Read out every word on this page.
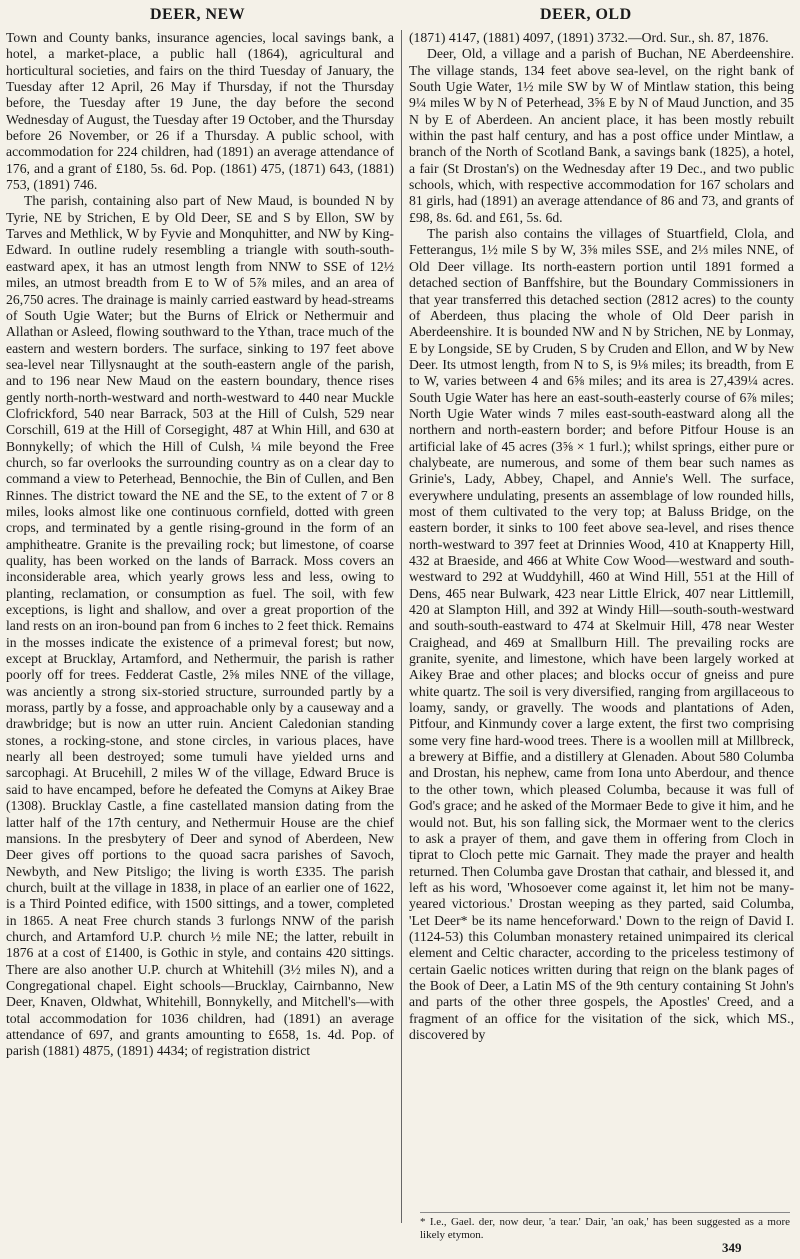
DEER, NEW	DEER, OLD

Town and County banks, insurance agencies, local savings bank, a hotel, a market-place, a public hall (1864), agricultural and horticultural societies, and fairs on the third Tuesday of January, the Tuesday after 12 April, 26 May if Thursday, if not the Thursday before, the Tuesday after 19 June, the day before the second Wednesday of August, the Tuesday after 19 October, and the Thursday before 26 November, or 26 if a Thursday. A public school, with accommodation for 224 children, had (1891) an average attendance of 176, and a grant of £180, 5s. 6d. Pop. (1861) 475, (1871) 643, (1881) 753, (1891) 746.

The parish, containing also part of New Maud, is bounded N by Tyrie, NE by Strichen, E by Old Deer, SE and S by Ellon, SW by Tarves and Methlick, W by Fyvie and Monquhitter, and NW by King-Edward. In outline rudely resembling a triangle with south-south-eastward apex, it has an utmost length from NNW to SSE of 12½ miles, an utmost breadth from E to W of 5⅞ miles, and an area of 26,750 acres. The drainage is mainly carried eastward by head-streams of South Ugie Water; but the Burns of Elrick or Nethermuir and Allathan or Asleed, flowing southward to the Ythan, trace much of the eastern and western borders. The surface, sinking to 197 feet above sea-level near Tillysnaught at the south-eastern angle of the parish, and to 196 near New Maud on the eastern boundary, thence rises gently north-north-westward and north-westward to 440 near Muckle Clofrickford, 540 near Barrack, 503 at the Hill of Culsh, 529 near Corschill, 619 at the Hill of Corsegight, 487 at Whin Hill, and 630 at Bonnykelly; of which the Hill of Culsh, ¼ mile beyond the Free church, so far overlooks the surrounding country as on a clear day to command a view to Peterhead, Bennochie, the Bin of Cullen, and Ben Rinnes. The district toward the NE and the SE, to the extent of 7 or 8 miles, looks almost like one continuous cornfield, dotted with green crops, and terminated by a gentle rising-ground in the form of an amphitheatre. Granite is the prevailing rock; but limestone, of coarse quality, has been worked on the lands of Barrack. Moss covers an inconsiderable area, which yearly grows less and less, owing to planting, reclamation, or consumption as fuel. The soil, with few exceptions, is light and shallow, and over a great proportion of the land rests on an iron-bound pan from 6 inches to 2 feet thick. Remains in the mosses indicate the existence of a primeval forest; but now, except at Brucklay, Artamford, and Nethermuir, the parish is rather poorly off for trees. Fedderat Castle, 2⅝ miles NNE of the village, was anciently a strong six-storied structure, surrounded partly by a morass, partly by a fosse, and approachable only by a causeway and a drawbridge; but is now an utter ruin. Ancient Caledonian standing stones, a rocking-stone, and stone circles, in various places, have nearly all been destroyed; some tumuli have yielded urns and sarcophagi. At Brucehill, 2 miles W of the village, Edward Bruce is said to have encamped, before he defeated the Comyns at Aikey Brae (1308). Brucklay Castle, a fine castellated mansion dating from the latter half of the 17th century, and Nethermuir House are the chief mansions. In the presbytery of Deer and synod of Aberdeen, New Deer gives off portions to the quoad sacra parishes of Savoch, Newbyth, and New Pitsligo; the living is worth £335. The parish church, built at the village in 1838, in place of an earlier one of 1622, is a Third Pointed edifice, with 1500 sittings, and a tower, completed in 1865. A neat Free church stands 3 furlongs NNW of the parish church, and Artamford U.P. church ½ mile NE; the latter, rebuilt in 1876 at a cost of £1400, is Gothic in style, and contains 420 sittings. There are also another U.P. church at Whitehill (3½ miles N), and a Congregational chapel. Eight schools—Brucklay, Cairnbanno, New Deer, Knaven, Oldwhat, Whitehill, Bonnykelly, and Mitchell's—with total accommodation for 1036 children, had (1891) an average attendance of 697, and grants amounting to £658, 1s. 4d. Pop. of parish (1881) 4875, (1891) 4434; of registration district

(1871) 4147, (1881) 4097, (1891) 3732.—Ord. Sur., sh. 87, 1876.

Deer, Old, a village and a parish of Buchan, NE Aberdeenshire. The village stands, 134 feet above sea-level, on the right bank of South Ugie Water, 1½ mile SW by W of Mintlaw station, this being 9¼ miles W by N of Peterhead, 3⅝ E by N of Maud Junction, and 35 N by E of Aberdeen. An ancient place, it has been mostly rebuilt within the past half century, and has a post office under Mintlaw, a branch of the North of Scotland Bank, a savings bank (1825), a hotel, a fair (St Drostan's) on the Wednesday after 19 Dec., and two public schools, which, with respective accommodation for 167 scholars and 81 girls, had (1891) an average attendance of 86 and 73, and grants of £98, 8s. 6d. and £61, 5s. 6d.

The parish also contains the villages of Stuartfield, Clola, and Fetterangus, 1½ mile S by W, 3⅝ miles SSE, and 2⅓ miles NNE, of Old Deer village. Its north-eastern portion until 1891 formed a detached section of Banffshire, but the Boundary Commissioners in that year transferred this detached section (2812 acres) to the county of Aberdeen, thus placing the whole of Old Deer parish in Aberdeenshire. It is bounded NW and N by Strichen, NE by Lonmay, E by Longside, SE by Cruden, S by Cruden and Ellon, and W by New Deer. Its utmost length, from N to S, is 9⅛ miles; its breadth, from E to W, varies between 4 and 6⅝ miles; and its area is 27,439¼ acres. South Ugie Water has here an east-south-easterly course of 6⅞ miles; North Ugie Water winds 7 miles east-south-eastward along all the northern and north-eastern border; and before Pitfour House is an artificial lake of 45 acres (3⅝ × 1 furl.); whilst springs, either pure or chalybeate, are numerous, and some of them bear such names as Grinie's, Lady, Abbey, Chapel, and Annie's Well. The surface, everywhere undulating, presents an assemblage of low rounded hills, most of them cultivated to the very top; at Baluss Bridge, on the eastern border, it sinks to 100 feet above sea-level, and rises thence north-westward to 397 feet at Drinnies Wood, 410 at Knapperty Hill, 432 at Braeside, and 466 at White Cow Wood—westward and south-westward to 292 at Wuddyhill, 460 at Wind Hill, 551 at the Hill of Dens, 465 near Bulwark, 423 near Little Elrick, 407 near Littlemill, 420 at Slampton Hill, and 392 at Windy Hill—south-south-westward and south-south-eastward to 474 at Skelmuir Hill, 478 near Wester Craighead, and 469 at Smallburn Hill. The prevailing rocks are granite, syenite, and limestone, which have been largely worked at Aikey Brae and other places; and blocks occur of gneiss and pure white quartz. The soil is very diversified, ranging from argillaceous to loamy, sandy, or gravelly. The woods and plantations of Aden, Pitfour, and Kinmundy cover a large extent, the first two comprising some very fine hard-wood trees. There is a woollen mill at Millbreck, a brewery at Biffie, and a distillery at Glenaden. About 580 Columba and Drostan, his nephew, came from Iona unto Aberdour, and thence to the other town, which pleased Columba, because it was full of God's grace; and he asked of the Mormaer Bede to give it him, and he would not. But, his son falling sick, the Mormaer went to the clerics to ask a prayer of them, and gave them in offering from Cloch in tiprat to Cloch pette mic Garnait. They made the prayer and health returned. Then Columba gave Drostan that cathair, and blessed it, and left as his word, 'Whosoever come against it, let him not be many-yeared victorious.' Drostan weeping as they parted, said Columba, 'Let Deer* be its name henceforward.' Down to the reign of David I. (1124-53) this Columban monastery retained unimpaired its clerical element and Celtic character, according to the priceless testimony of certain Gaelic notices written during that reign on the blank pages of the Book of Deer, a Latin MS of the 9th century containing St John's and parts of the other three gospels, the Apostles' Creed, and a fragment of an office for the visitation of the sick, which MS., discovered by

* I.e., Gael. der, now deur, 'a tear.' Dair, 'an oak,' has been suggested as a more likely etymon.
349
